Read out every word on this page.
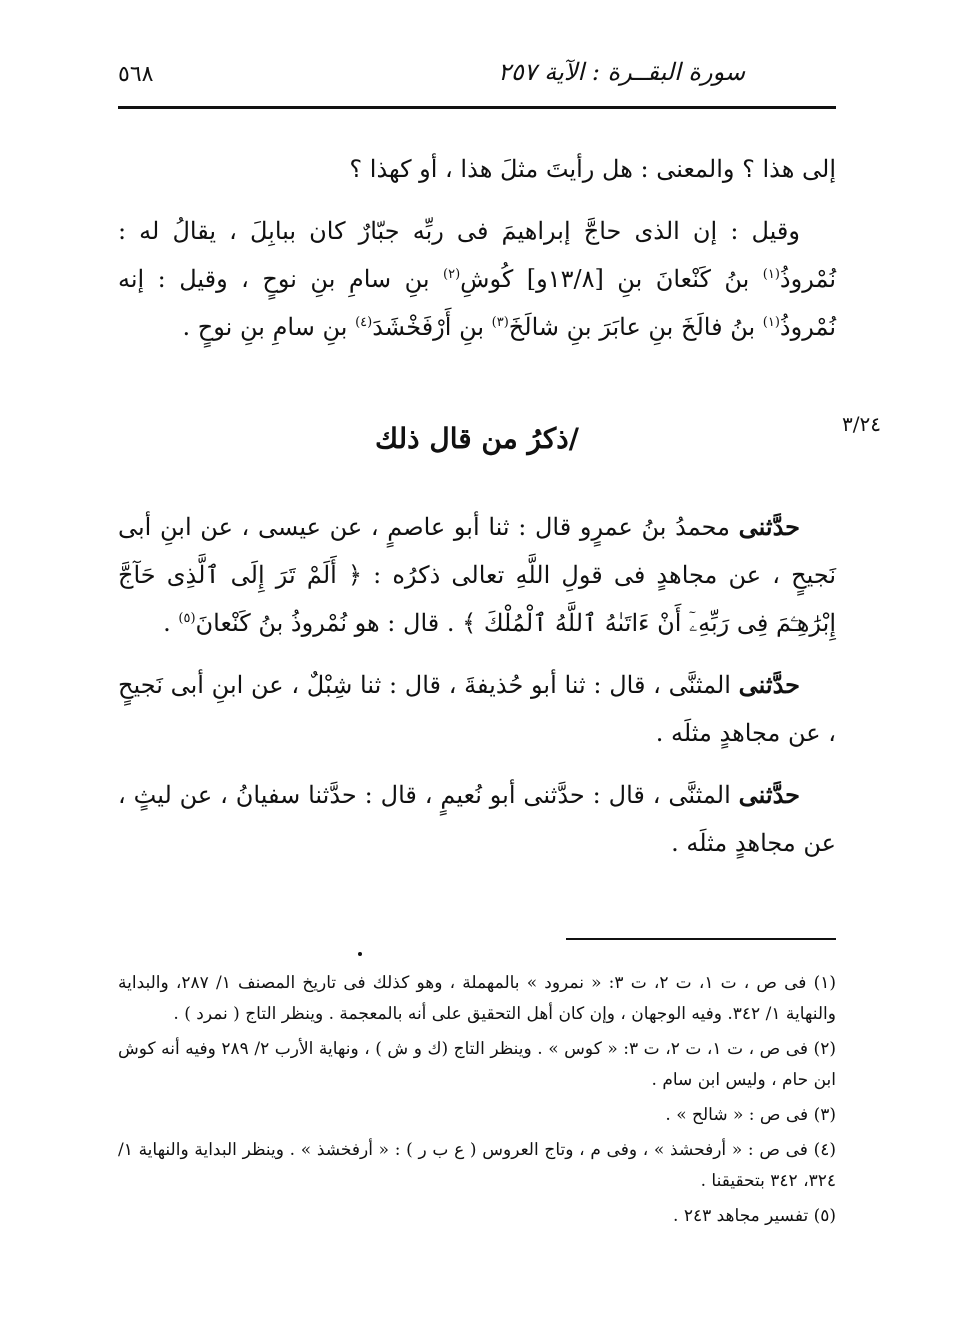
٥٦٨	سورة البقــرة : الآية ٢٥٧
٣/٢٤

إلى هذا ؟ والمعنى : هل رأيتَ مثلَ هذا ، أو كهذا ؟

وقيل : إن الذى حاجَّ إبراهيمَ فى ربِّه جبّارٌ كان ببابِلَ ، يقالُ له : نُمْروذُ$^{(١)}$ بنُ كَنْعانَ بنِ [١٣/٨و] كُوشِ$^{(٢)}$ بنِ سامِ بنِ نوحٍ ، وقيل : إنه نُمْروذُ$^{(١)}$ بنُ فالَخَ بنِ عابَرَ بنِ شالَخَ$^{(٣)}$ بنِ أَرْفَخْشَدَ$^{(٤)}$ بنِ سامِ بنِ نوحٍ .

/ذكرُ من قال ذلك

حدَّثنى محمدُ بنُ عمرٍو قال : ثنا أبو عاصمٍ ، عن عيسى ، عن ابنِ أبى نَجيحٍ ، عن مجاهدٍ فى قولِ اللَّهِ تعالى ذكرُه : ﴿ أَلَمْ تَرَ إِلَى ٱلَّذِى حَآجَّ إِبْرَٰهِـۧمَ فِى رَبِّهِۦٓ أَنْ ءَاتَىٰهُ ٱللَّهُ ٱلْمُلْكَ ﴾ . قال : هو نُمْروذُ بنُ كَنْعانَ$^{(٥)}$ .

حدَّثنى المثنَّى ، قال : ثنا أبو حُذيفةَ ، قال : ثنا شِبْلٌ ، عن ابنِ أبى نَجيحٍ ، عن مجاهدٍ مثلَه .

حدَّثنى المثنَّى ، قال : حدَّثنى أبو نُعيمٍ ، قال : حدَّثنا سفيانُ ، عن ليثٍ ، عن مجاهدٍ مثلَه .

(١) فى ص ، ت ١، ت ٢، ت ٣: « نمرود » بالمهملة ، وهو كذلك فى تاريخ المصنف ١/ ٢٨٧، والبداية والنهاية ١/ ٣٤٢. وفيه الوجهان ، وإن كان أهل التحقيق على أنه بالمعجمة . وينظر التاج ( نمرد ) .

(٢) فى ص ، ت ١، ت ٢، ت ٣: « كوس » . وينظر التاج (ك و ش ) ، ونهاية الأرب ٢/ ٢٨٩ وفيه أنه كوش ابن حام ، وليس ابن سام .

(٣) فى ص : « شالح » .

(٤) فى ص : « أرفحشذ » ، وفى م ، وتاج العروس ( ع ب ر ) : « أرفخشذ » . وينظر البداية والنهاية ١/ ٣٢٤، ٣٤٢ بتحقيقنا .

(٥) تفسير مجاهد ٢٤٣ .
